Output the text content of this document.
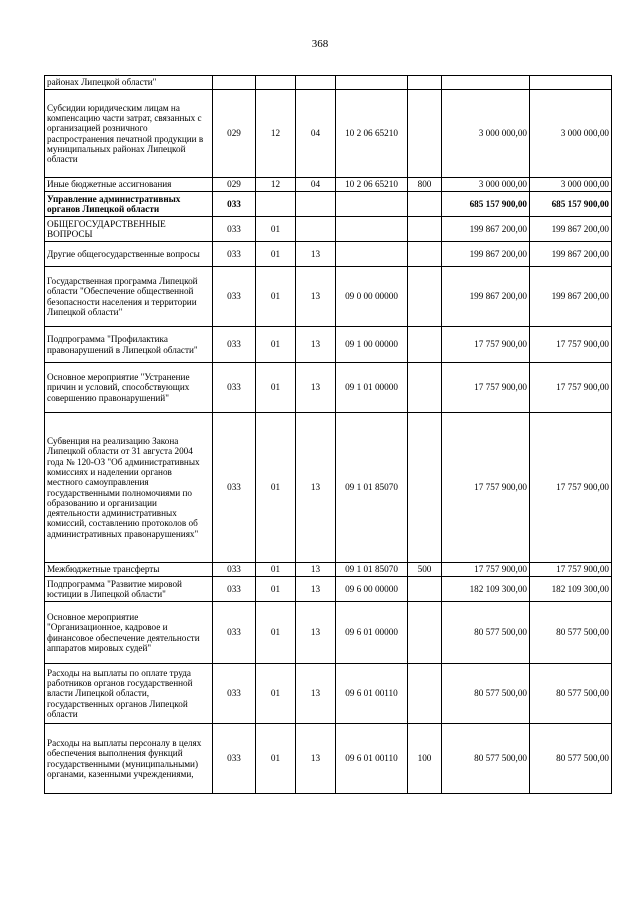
368
районах Липецкой области"							
Субсидии юридическим лицам на компенсацию части затрат, связанных с организацией розничного распространения печатной продукции в муниципальных районах Липецкой области	029	12	04	10 2 06 65210		3 000 000,00	3 000 000,00
Иные бюджетные ассигнования	029	12	04	10 2 06 65210	800	3 000 000,00	3 000 000,00
Управление административных органов Липецкой области	033					685 157 900,00	685 157 900,00
ОБЩЕГОСУДАРСТВЕННЫЕ ВОПРОСЫ	033	01				199 867 200,00	199 867 200,00
Другие общегосударственные вопросы	033	01	13			199 867 200,00	199 867 200,00
Государственная программа Липецкой области "Обеспечение общественной безопасности населения и территории Липецкой области"	033	01	13	09 0 00 00000		199 867 200,00	199 867 200,00
Подпрограмма "Профилактика правонарушений в Липецкой области"	033	01	13	09 1 00 00000		17 757 900,00	17 757 900,00
Основное мероприятие "Устранение причин и условий, способствующих совершению правонарушений"	033	01	13	09 1 01 00000		17 757 900,00	17 757 900,00
Субвенция на реализацию Закона Липецкой области от 31 августа 2004 года № 120-ОЗ "Об административных комиссиях и наделении органов местного самоуправления государственными полномочиями по образованию и организации деятельности административных комиссий, составлению протоколов об административных правонарушениях"	033	01	13	09 1 01 85070		17 757 900,00	17 757 900,00
Межбюджетные трансферты	033	01	13	09 1 01 85070	500	17 757 900,00	17 757 900,00
Подпрограмма "Развитие мировой юстиции в Липецкой области"	033	01	13	09 6 00 00000		182 109 300,00	182 109 300,00
Основное мероприятие "Организационное, кадровое и финансовое обеспечение деятельности аппаратов мировых судей"	033	01	13	09 6 01 00000		80 577 500,00	80 577 500,00
Расходы на выплаты по оплате труда работников органов государственной власти Липецкой области, государственных органов Липецкой области	033	01	13	09 6 01 00110		80 577 500,00	80 577 500,00
Расходы на выплаты персоналу в целях обеспечения выполнения функций государственными (муниципальными) органами, казенными учреждениями,	033	01	13	09 6 01 00110	100	80 577 500,00	80 577 500,00
